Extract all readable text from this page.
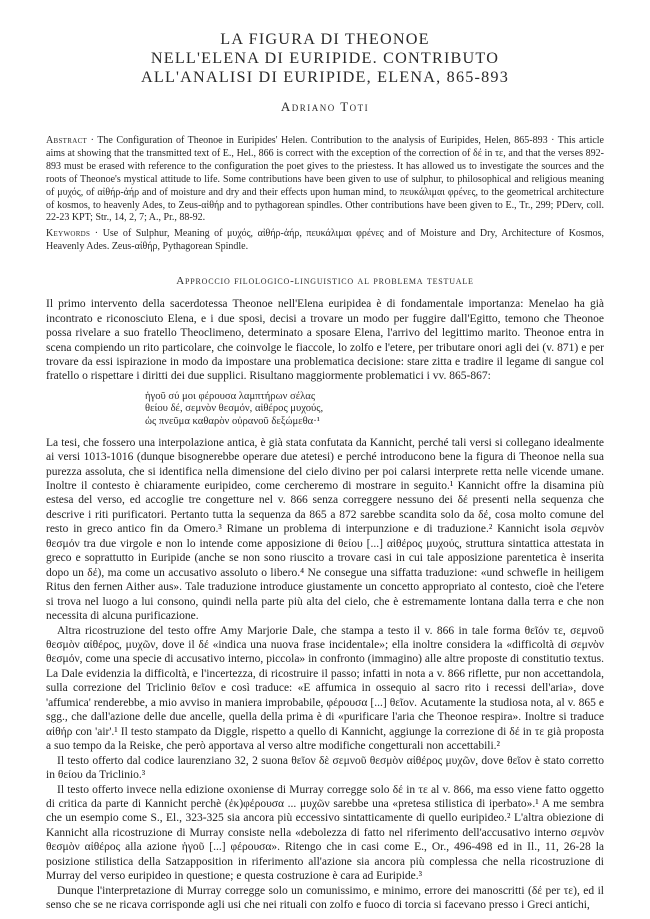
LA FIGURA DI THEONOE
NELL'ELENA DI EURIPIDE. CONTRIBUTO
ALL'ANALISI DI EURIPIDE, ELENA, 865-893
Adriano Toti
Abstract · The Configuration of Theonoe in Euripides' Helen. Contribution to the analysis of Euripides, Helen, 865-893 · This article aims at showing that the transmitted text of E., Hel., 866 is correct with the exception of the correction of δέ in τε, and that the verses 892-893 must be erased with reference to the configuration the poet gives to the priestess. It has allowed us to investigate the sources and the roots of Theonoe's mystical attitude to life. Some contributions have been given to use of sulphur, to philosophical and religious meaning of μυχός, of αἰθήρ-ἀήρ and of moisture and dry and their effects upon human mind, to πευκάλιμαι φρένες, to the geometrical architecture of kosmos, to heavenly Ades, to Zeus-αἰθήρ and to pythagorean spindles. Other contributions have been given to E., Tr., 299; PDerv, coll. 22-23 KPT; Str., 14, 2, 7; A., Pr., 88-92.
Keywords · Use of Sulphur, Meaning of μυχός, αἰθήρ-ἀήρ, πευκάλιμαι φρένες and of Moisture and Dry, Architecture of Kosmos, Heavenly Ades. Zeus-αἰθήρ, Pythagorean Spindle.
Approccio filologico-linguistico al problema testuale

Il primo intervento della sacerdotessa Theonoe nell'Elena euripidea è di fondamentale importanza: Menelao ha già incontrato e riconosciuto Elena, e i due sposi, decisi a trovare un modo per fuggire dall'Egitto, temono che Theonoe possa rivelare a suo fratello Theoclimeno, determinato a sposare Elena, l'arrivo del legittimo marito. Theonoe entra in scena compiendo un rito particolare, che coinvolge le fiaccole, lo zolfo e l'etere, per tributare onori agli dei (v. 871) e per trovare da essi ispirazione in modo da impostare una problematica decisione: stare zitta e tradire il legame di sangue col fratello o rispettare i diritti dei due supplici. Risultano maggiormente problematici i vv. 865-867:

ἡγοῦ σύ μοι φέρουσα λαμπτήρων σέλας
θείου δέ, σεμνὸν θεσμόν, αἰθέρος μυχούς,
ὡς πνεῦμα καθαρὸν οὐρανοῦ δεξώμεθα·¹

La tesi, che fossero una interpolazione antica, è già stata confutata da Kannicht, perché tali versi si collegano idealmente ai versi 1013-1016 (dunque bisognerebbe operare due atetesi) e perché introducono bene la figura di Theonoe nella sua purezza assoluta, che si identifica nella dimensione del cielo divino per poi calarsi interprete retta nelle vicende umane. Inoltre il contesto è chiaramente euripideo, come cercheremo di mostrare in seguito.¹ Kannicht offre la disamina più estesa del verso, ed accoglie tre congetture nel v. 866 senza correggere nessuno dei δέ presenti nella sequenza che descrive i riti purificatori. Pertanto tutta la sequenza da 865 a 872 sarebbe scandita solo da δέ, cosa molto comune del resto in greco antico fin da Omero.³ Rimane un problema di interpunzione e di traduzione.² Kannicht isola σεμνὸν θεσμόν tra due virgole e non lo intende come apposizione di θείου [...] αἰθέρος μυχούς, struttura sintattica attestata in greco e soprattutto in Euripide (anche se non sono riuscito a trovare casi in cui tale apposizione parentetica è inserita dopo un δέ), ma come un accusativo assoluto o libero.⁴ Ne consegue una siffatta traduzione: «und schwefle in heiligem Ritus den fernen Aither aus». Tale traduzione introduce giustamente un concetto appropriato al contesto, cioè che l'etere si trova nel luogo a lui consono, quindi nella parte più alta del cielo, che è estremamente lontana dalla terra e che non necessita di alcuna purificazione.

Altra ricostruzione del testo offre Amy Marjorie Dale, che stampa a testo il v. 866 in tale forma θεῖόν τε, σεμνοῦ θεσμὸν αἰθέρος, μυχῶν, dove il δέ «indica una nuova frase incidentale»; ella inoltre considera la «difficoltà di σεμνὸν θεσμόν, come una specie di accusativo interno, piccola» in confronto (immagino) alle altre proposte di constitutio textus. La Dale evidenzia la difficoltà, e l'incertezza, di ricostruire il passo; infatti in nota a v. 866 riflette, pur non accettandola, sulla correzione del Triclinio θεῖον e così traduce: «E affumica in ossequio al sacro rito i recessi dell'aria», dove 'affumica' renderebbe, a mio avviso in maniera improbabile, φέρουσα [...] θεῖον. Acutamente la studiosa nota, al v. 865 e sgg., che dall'azione delle due ancelle, quella della prima è di «purificare l'aria che Theonoe respira». Inoltre si traduce αἰθήρ con 'air'.¹ Il testo stampato da Diggle, rispetto a quello di Kannicht, aggiunge la correzione di δέ in τε già proposta a suo tempo da la Reiske, che però apportava al verso altre modifiche congetturali non accettabili.²

Il testo offerto dal codice laurenziano 32, 2 suona θεῖον δὲ σεμνοῦ θεσμὸν αἰθέρος μυχῶν, dove θεῖον è stato corretto in θείου da Triclinio.³

Il testo offerto invece nella edizione oxoniense di Murray corregge solo δέ in τε al v. 866, ma esso viene fatto oggetto di critica da parte di Kannicht perchè (ἐκ)φέρουσα ... μυχῶν sarebbe una «pretesa stilistica di iperbato».¹ A me sembra che un esempio come S., El., 323-325 sia ancora più eccessivo sintatticamente di quello euripideo.² L'altra obiezione di Kannicht alla ricostruzione di Murray consiste nella «debolezza di fatto nel riferimento dell'accusativo interno σεμνὸν θεσμὸν αἰθέρος alla azione ἡγοῦ [...] φέρουσα». Ritengo che in casi come E., Or., 496-498 ed in Il., 11, 26-28 la posizione stilistica della Satzapposition in riferimento all'azione sia ancora più complessa che nella ricostruzione di Murray del verso euripideo in questione; e questa costruzione è cara ad Euripide.³

Dunque l'interpretazione di Murray corregge solo un comunissimo, e minimo, errore dei manoscritti (δέ per τε), ed il senso che se ne ricava corrisponde agli usi che nei rituali con zolfo e fuoco di torcia si facevano presso i Greci antichi,
